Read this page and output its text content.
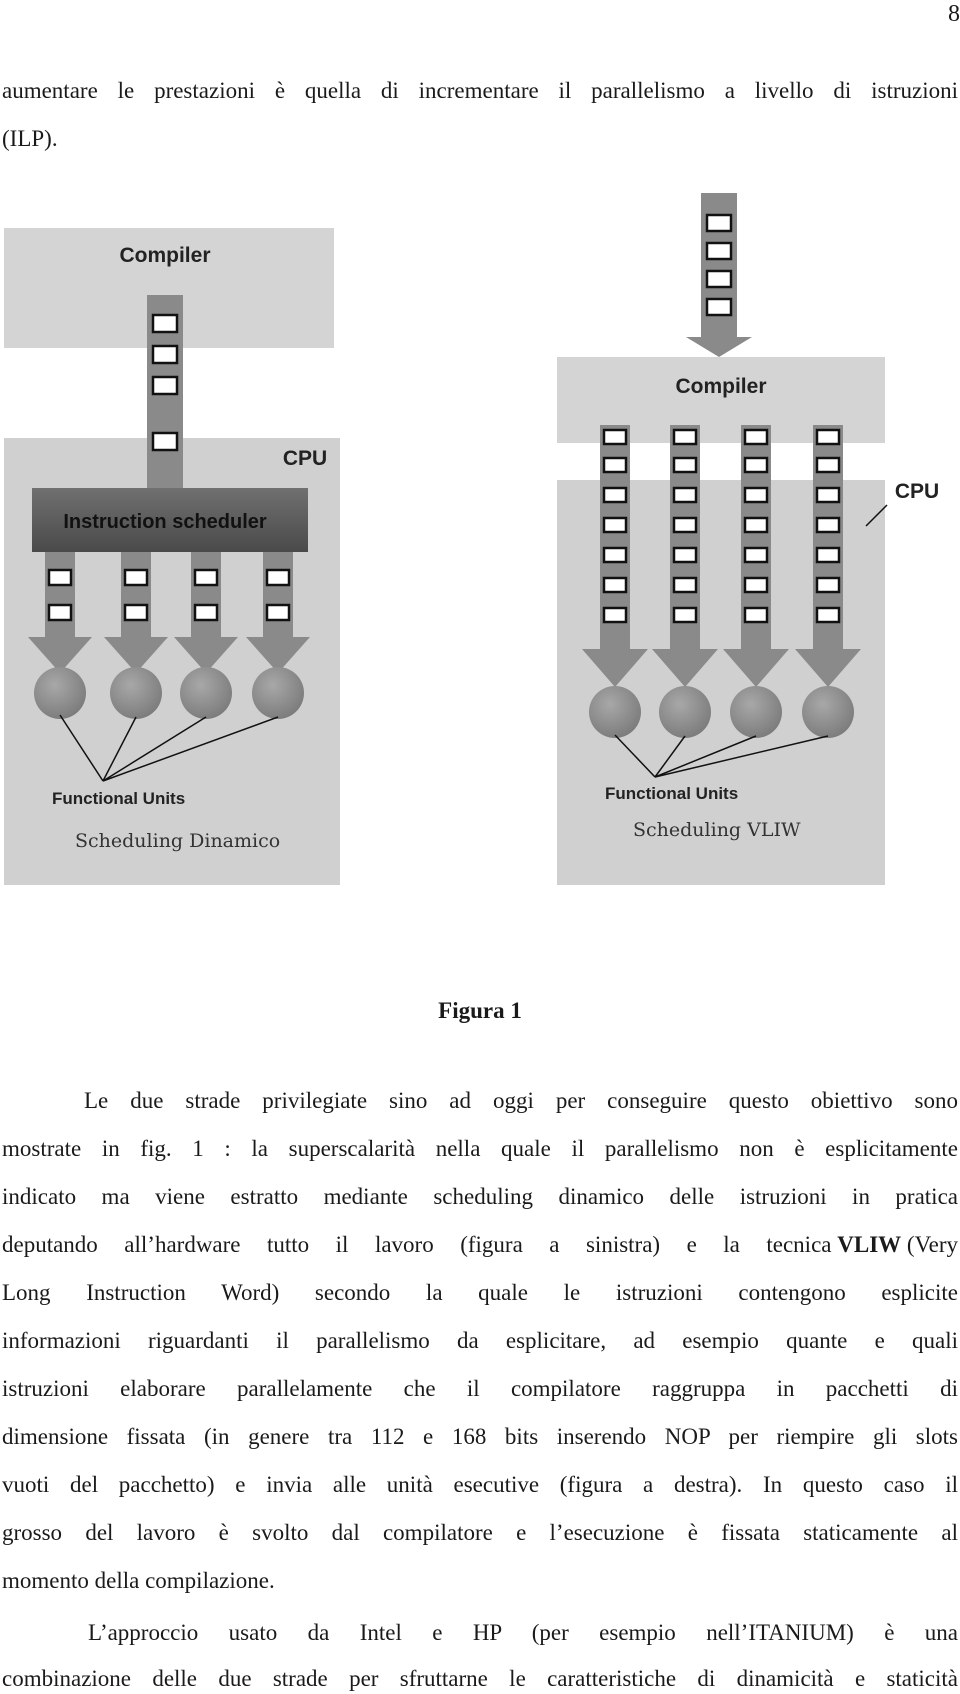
8
aumentare le prestazioni è quella di incrementare il parallelismo a livello di istruzioni
(ILP).
Compiler
CPU
Instruction scheduler
Functional Units
Scheduling Dinamico
Compiler
CPU
Functional Units
Scheduling VLIW
Figura 1
Le due strade privilegiate sino ad oggi per conseguire questo obiettivo sono
mostrate in fig. 1 : la superscalarità nella quale il parallelismo non è esplicitamente
indicato ma viene estratto mediante scheduling dinamico delle istruzioni in pratica
deputando all’hardware tutto il lavoro (figura a sinistra) e la tecnica VLIW (Very
Long Instruction Word) secondo la quale le istruzioni contengono esplicite
informazioni riguardanti il parallelismo da esplicitare, ad esempio quante e quali
istruzioni elaborare parallelamente che il compilatore raggruppa in pacchetti di
dimensione fissata (in genere tra 112 e 168 bits inserendo NOP per riempire gli slots
vuoti del pacchetto) e invia alle unità esecutive (figura a destra). In questo caso il
grosso del lavoro è svolto dal compilatore e l’esecuzione è fissata staticamente al
momento della compilazione.
L’approccio usato da Intel e HP (per esempio nell’ITANIUM) è una
combinazione delle due strade per sfruttarne le caratteristiche di dinamicità e staticità
